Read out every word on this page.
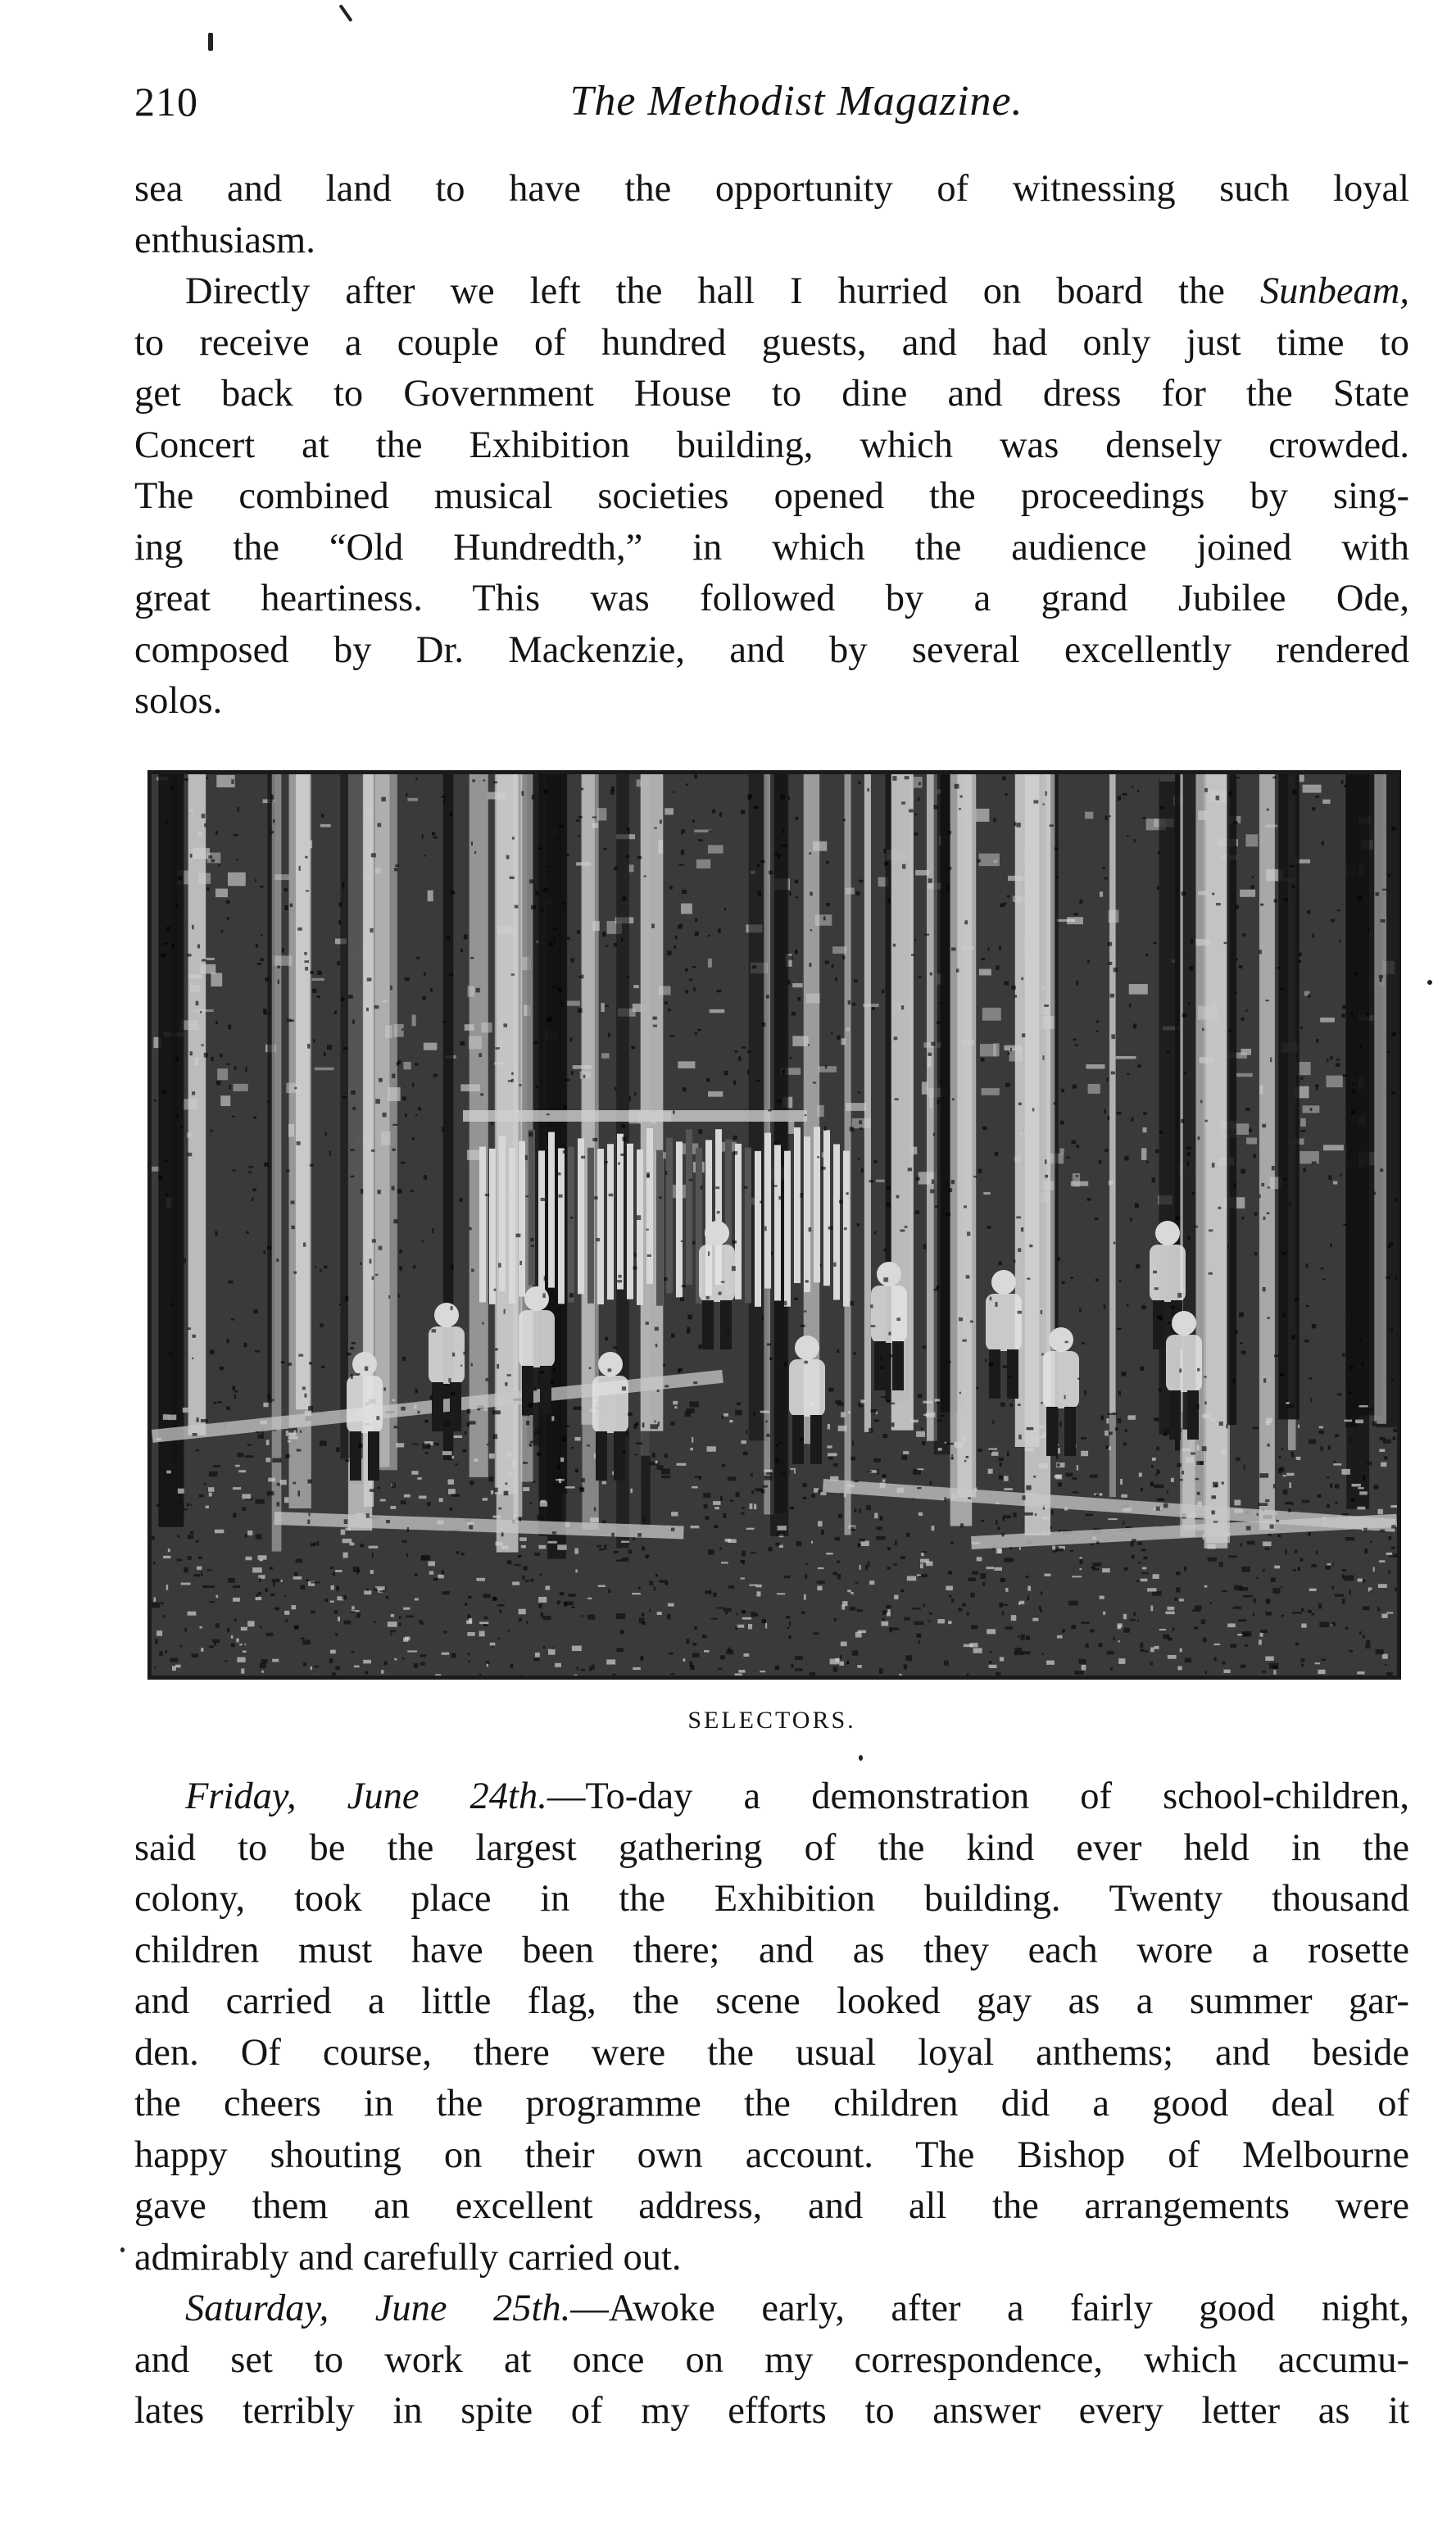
210	The Methodist Magazine.
sea and land to have the opportunity of witnessing such loyal
enthusiasm.
Directly after we left the hall I hurried on board the Sunbeam,
to receive a couple of hundred guests, and had only just time to
get back to Government House to dine and dress for the State
Concert at the Exhibition building, which was densely crowded.
The combined musical societies opened the proceedings by sing-
ing the “Old Hundredth,” in which the audience joined with
great heartiness. This was followed by a grand Jubilee Ode,
composed by Dr. Mackenzie, and by several excellently rendered
solos.
SELECTORS.
Friday, June 24th.—To-day a demonstration of school-children,
said to be the largest gathering of the kind ever held in the
colony, took place in the Exhibition building. Twenty thousand
children must have been there; and as they each wore a rosette
and carried a little flag, the scene looked gay as a summer gar-
den. Of course, there were the usual loyal anthems; and beside
the cheers in the programme the children did a good deal of
happy shouting on their own account. The Bishop of Melbourne
gave them an excellent address, and all the arrangements were
admirably and carefully carried out.
Saturday, June 25th.—Awoke early, after a fairly good night,
and set to work at once on my correspondence, which accumu-
lates terribly in spite of my efforts to answer every letter as it
